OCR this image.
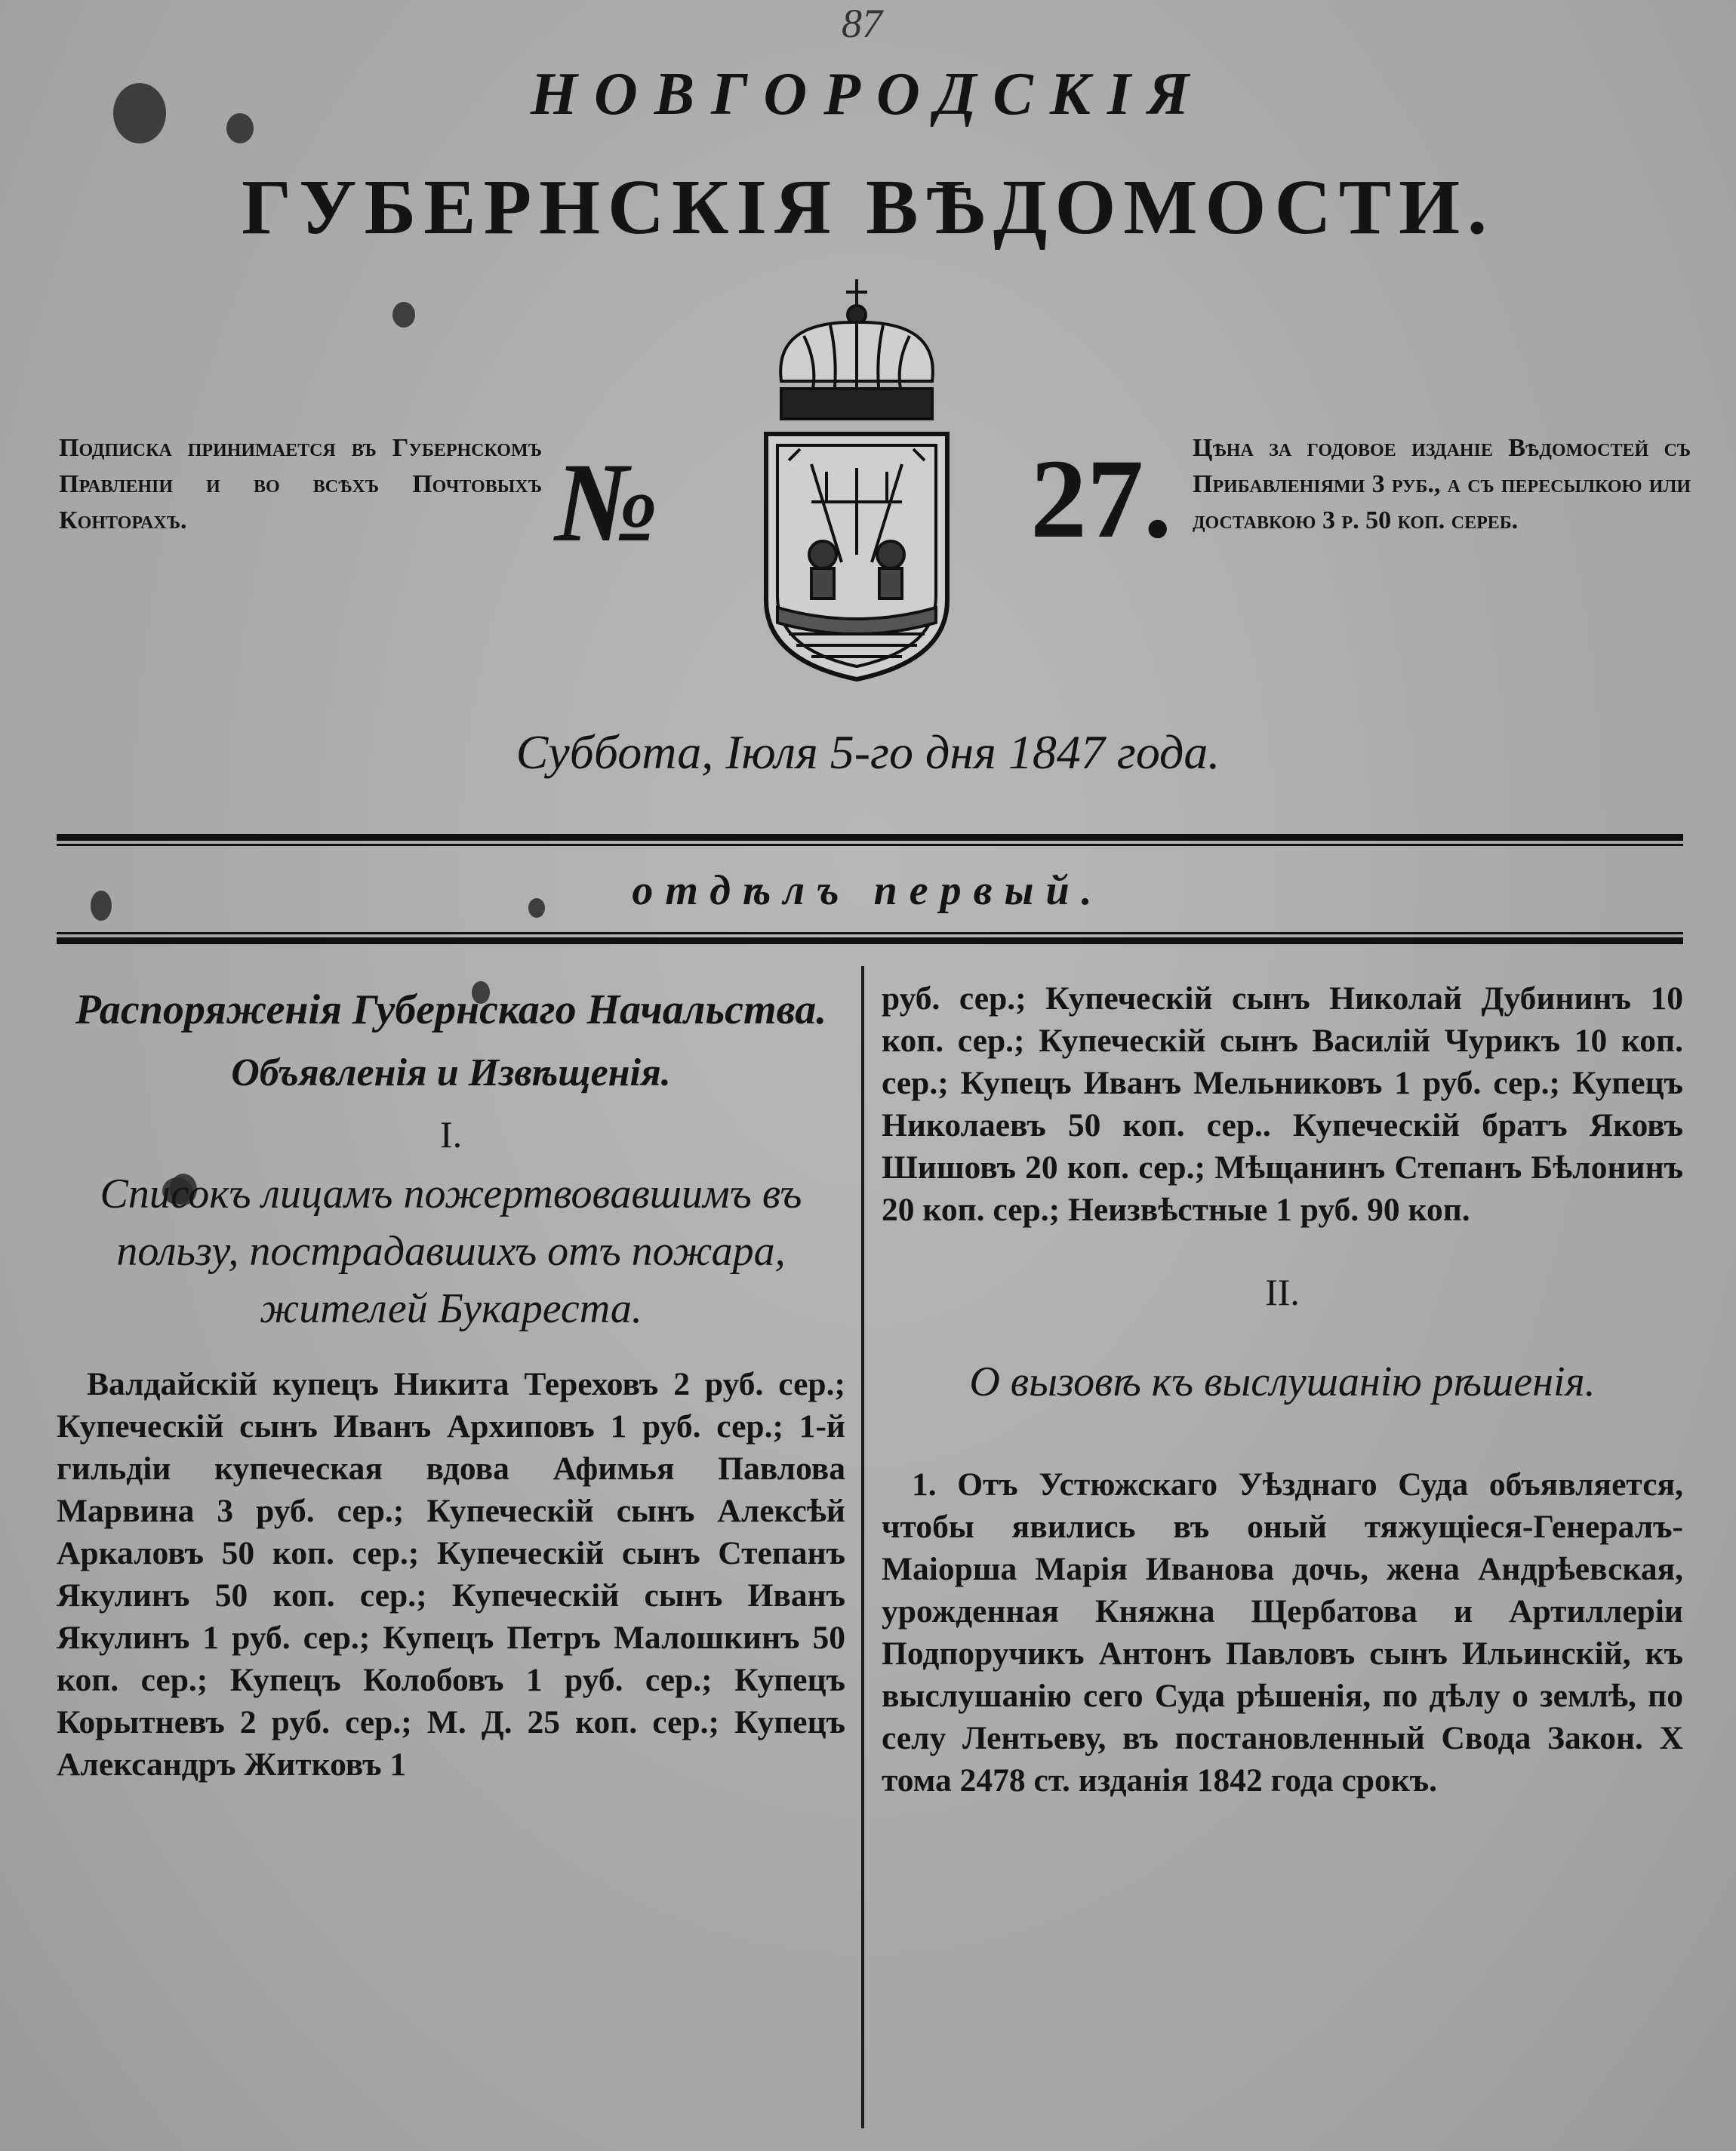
87
НОВГОРОДСКІЯ
ГУБЕРНСКІЯ ВѢДОМОСТИ.
Подписка принимается въ Губернскомъ Правленіи и во всѣхъ Почтовыхъ Конторахъ.	№	27. Цѣна за годовое изданіе Вѣдомостей съ Прибавленіями 3 руб., а съ пересылкою или доставкою 3 р. 50 коп. сереб.
Суббота, Іюля 5-го дня 1847 года.
отдѣлъ первый.

Распоряженія Губернскаго Начальства.

Объявленія и Извѣщенія.

I.

Списокъ лицамъ пожертвовавшимъ въ пользу, пострадавшихъ отъ пожара, жителей Букареста.

Валдайскій купецъ Никита Тереховъ 2 руб. сер.; Купеческій сынъ Иванъ Архиповъ 1 руб. сер.; 1-й гильдіи купеческая вдова Афимья Павлова Марвина 3 руб. сер.; Купеческій сынъ Алексѣй Аркаловъ 50 коп. сер.; Купеческій сынъ Степанъ Якулинъ 50 коп. сер.; Купеческій сынъ Иванъ Якулинъ 1 руб. сер.; Купецъ Петръ Малошкинъ 50 коп. сер.; Купецъ Колобовъ 1 руб. сер.; Купецъ Корытневъ 2 руб. сер.; М. Д. 25 коп. сер.; Купецъ Александръ Житковъ 1

руб. сер.; Купеческій сынъ Николай Дубининъ 10 коп. сер.; Купеческій сынъ Василій Чурикъ 10 коп. сер.; Купецъ Иванъ Мельниковъ 1 руб. сер.; Купецъ Николаевъ 50 коп. сер.. Купеческій братъ Яковъ Шишовъ 20 коп. сер.; Мѣщанинъ Степанъ Бѣлонинъ 20 коп. сер.; Неизвѣстные 1 руб. 90 коп.

II.

О вызовѣ къ выслушанію рѣшенія.

1. Отъ Устюжскаго Уѣзднаго Суда объявляется, чтобы явились въ оный тяжущіеся-Генералъ-Маіорша Марія Иванова дочь, жена Андрѣевская, урожденная Княжна Щербатова и Артиллеріи Подпоручикъ Антонъ Павловъ сынъ Ильинскій, къ выслушанію сего Суда рѣшенія, по дѣлу о землѣ, по селу Лентьеву, въ постановленный Свода Закон. X тома 2478 ст. изданія 1842 года срокъ.
